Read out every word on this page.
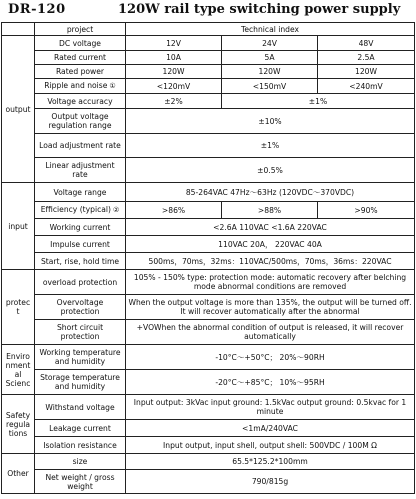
DR-120	120W rail type switching power supply
	project	Technical index		
output	DC voltage	12V	24V	48V
	Rated current	10A	5A	2.5A
	Rated power	120W	120W	120W
	Ripple and noise ①	<120mV	<150mV	<240mV
	Voltage accuracy	±2%	±1%	
	Output voltage regulation range	±10%		
	Load adjustment rate	±1%		
	Linear adjustment rate	±0.5%		
input	Voltage range	85-264VAC 47Hz～63Hz (120VDC～370VDC)		
	Efficiency (typical) ②	>86%	>88%	>90%
	Working current	<2.6A 110VAC <1.6A 220VAC		
	Impulse current	110VAC 20A， 220VAC 40A		
	Start, rise, hold time	500ms，70ms，32ms：110VAC/500ms，70ms，36ms：220VAC		
protec t	overload protection	105% - 150% type: protection mode: automatic recovery after belching mode abnormal conditions are removed		
	Overvoltage protection	When the output voltage is more than 135%, the output will be turned off. It will recover automatically after the abnormal		
	Short circuit protection	+VOWhen the abnormal condition of output is released, it will recover automatically		
Enviro nmental Scienc	Working temperature and humidity	-10°C～+50°C； 20%～90RH		
	Storage temperature and humidity	-20°C～+85°C； 10%～95RH		
Safety regula tions	Withstand voltage	Input output: 3kVac input ground: 1.5kVac output ground: 0.5kvac for 1 minute		
	Leakage current	<1mA/240VAC		
	Isolation resistance	Input output, input shell, output shell: 500VDC / 100M Ω		
Other	size	65.5*125.2*100mm		
	Net weight / gross weight	790/815g		
